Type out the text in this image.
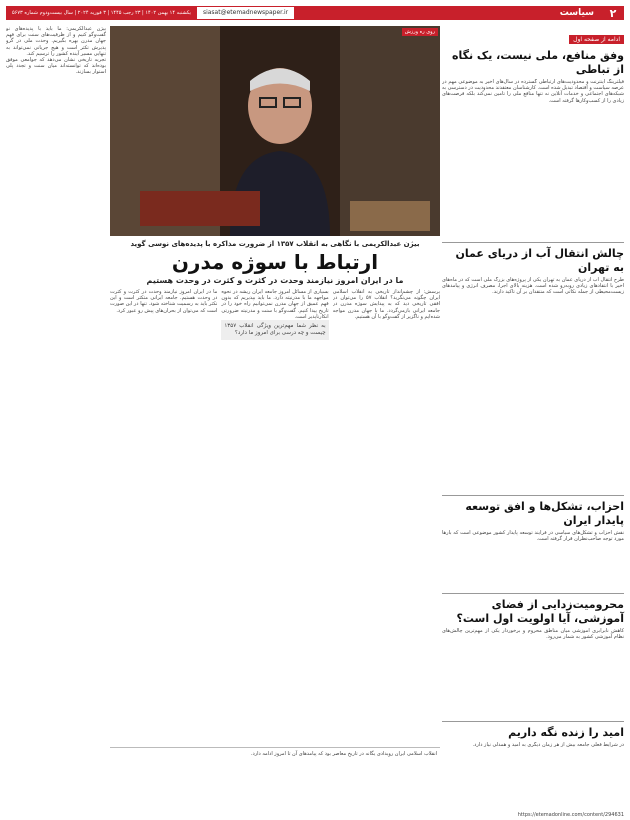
۲
سیاست
siasat@etemadnewspaper.ir
یکشنبه ۱۴ بهمن ۱۴۰۲ | ۲۳ رجب ۱۴۴۵ | ۳ فوریه ۲۰۲۴ | سال بیست‌ودوم شماره ۵۶۷۳
ادامه از صفحه اول
وفق منافع، ملی نیست، یک نگاه از تباطی
فیلترینگ اینترنت و محدودیت‌های ارتباطی گسترده در سال‌های اخیر به موضوعی مهم در عرصه سیاست و اقتصاد تبدیل شده است. کارشناسان معتقدند محدودیت در دسترسی به شبکه‌های اجتماعی و خدمات آنلاین نه تنها منافع ملی را تامین نمی‌کند بلکه فرصت‌های زیادی را از کسب‌وکارها گرفته است.
چالش انتقال آب از دریای عمان به تهران
طرح انتقال آب از دریای عمان به تهران یکی از پروژه‌های بزرگ ملی است که در ماه‌های اخیر با انتقادهای زیادی روبه‌رو شده است. هزینه بالای اجرا، مصرف انرژی و پیامدهای زیست‌محیطی از جمله نکاتی است که منتقدان بر آن تاکید دارند.
احزاب، تشکل‌ها و افق توسعه پایدار ایران
نقش احزاب و تشکل‌های سیاسی در فرآیند توسعه پایدار کشور موضوعی است که بارها مورد توجه صاحب‌نظران قرار گرفته است.
محرومیت‌زدایی از فضای آموزشی، آیا اولویت اول است؟
کاهش نابرابری آموزشی میان مناطق محروم و برخوردار یکی از مهم‌ترین چالش‌های نظام آموزشی کشور به شمار می‌رود.
امید را زنده نگه داریم
در شرایط فعلی جامعه بیش از هر زمان دیگری به امید و همدلی نیاز دارد.
روی ره ورزش
بیژن عبدالکریمی با نگاهی به انقلاب ۱۳۵۷ از ضرورت مذاکره با پدیده‌های نوسی گوید
ارتباط با سوژه مدرن
ما در ایران امروز نیازمند وحدت در کثرت و کثرت در وحدت هستیم
پرسش: از چشم‌انداز تاریخی به انقلاب اسلامی ایران چگونه می‌نگرید؟ انقلاب ۵۷ را می‌توان در افقی تاریخی دید که به پیدایش سوژه مدرن در جامعه ایرانی بازمی‌گردد. ما با جهان مدرن مواجه شده‌ایم و ناگزیر از گفت‌وگو با آن هستیم.

بسیاری از مسائل امروز جامعه ایران ریشه در نحوه مواجهه ما با مدرنیته دارد. ما باید بپذیریم که بدون فهم عمیق از جهان مدرن نمی‌توانیم راه خود را در تاریخ پیدا کنیم. گفت‌وگو با سنت و مدرنیته ضرورتی انکارناپذیر است.

به نظر شما مهم‌ترین ویژگی انقلاب ۱۳۵۷ چیست و چه درسی برای امروز ما دارد؟
ما در ایران امروز نیازمند وحدت در کثرت و کثرت در وحدت هستیم. جامعه ایرانی متکثر است و این تکثر باید به رسمیت شناخته شود. تنها در این صورت است که می‌توان از بحران‌های پیش رو عبور کرد.
انقلاب اسلامی ایران رویدادی یگانه در تاریخ معاصر بود که پیامدهای آن تا امروز ادامه دارد.

بیژن عبدالکریمی: ما باید با پدیده‌های نو گفت‌وگو کنیم و از ظرفیت‌های سنت برای فهم جهان مدرن بهره بگیریم. وحدت ملی در گرو پذیرش تکثر است و هیچ جریانی نمی‌تواند به تنهایی مسیر آینده کشور را ترسیم کند.

تجربه تاریخی نشان می‌دهد که جوامعی موفق بوده‌اند که توانسته‌اند میان سنت و تجدد پلی استوار بسازند.

https://etemadonline.com/content/294631
